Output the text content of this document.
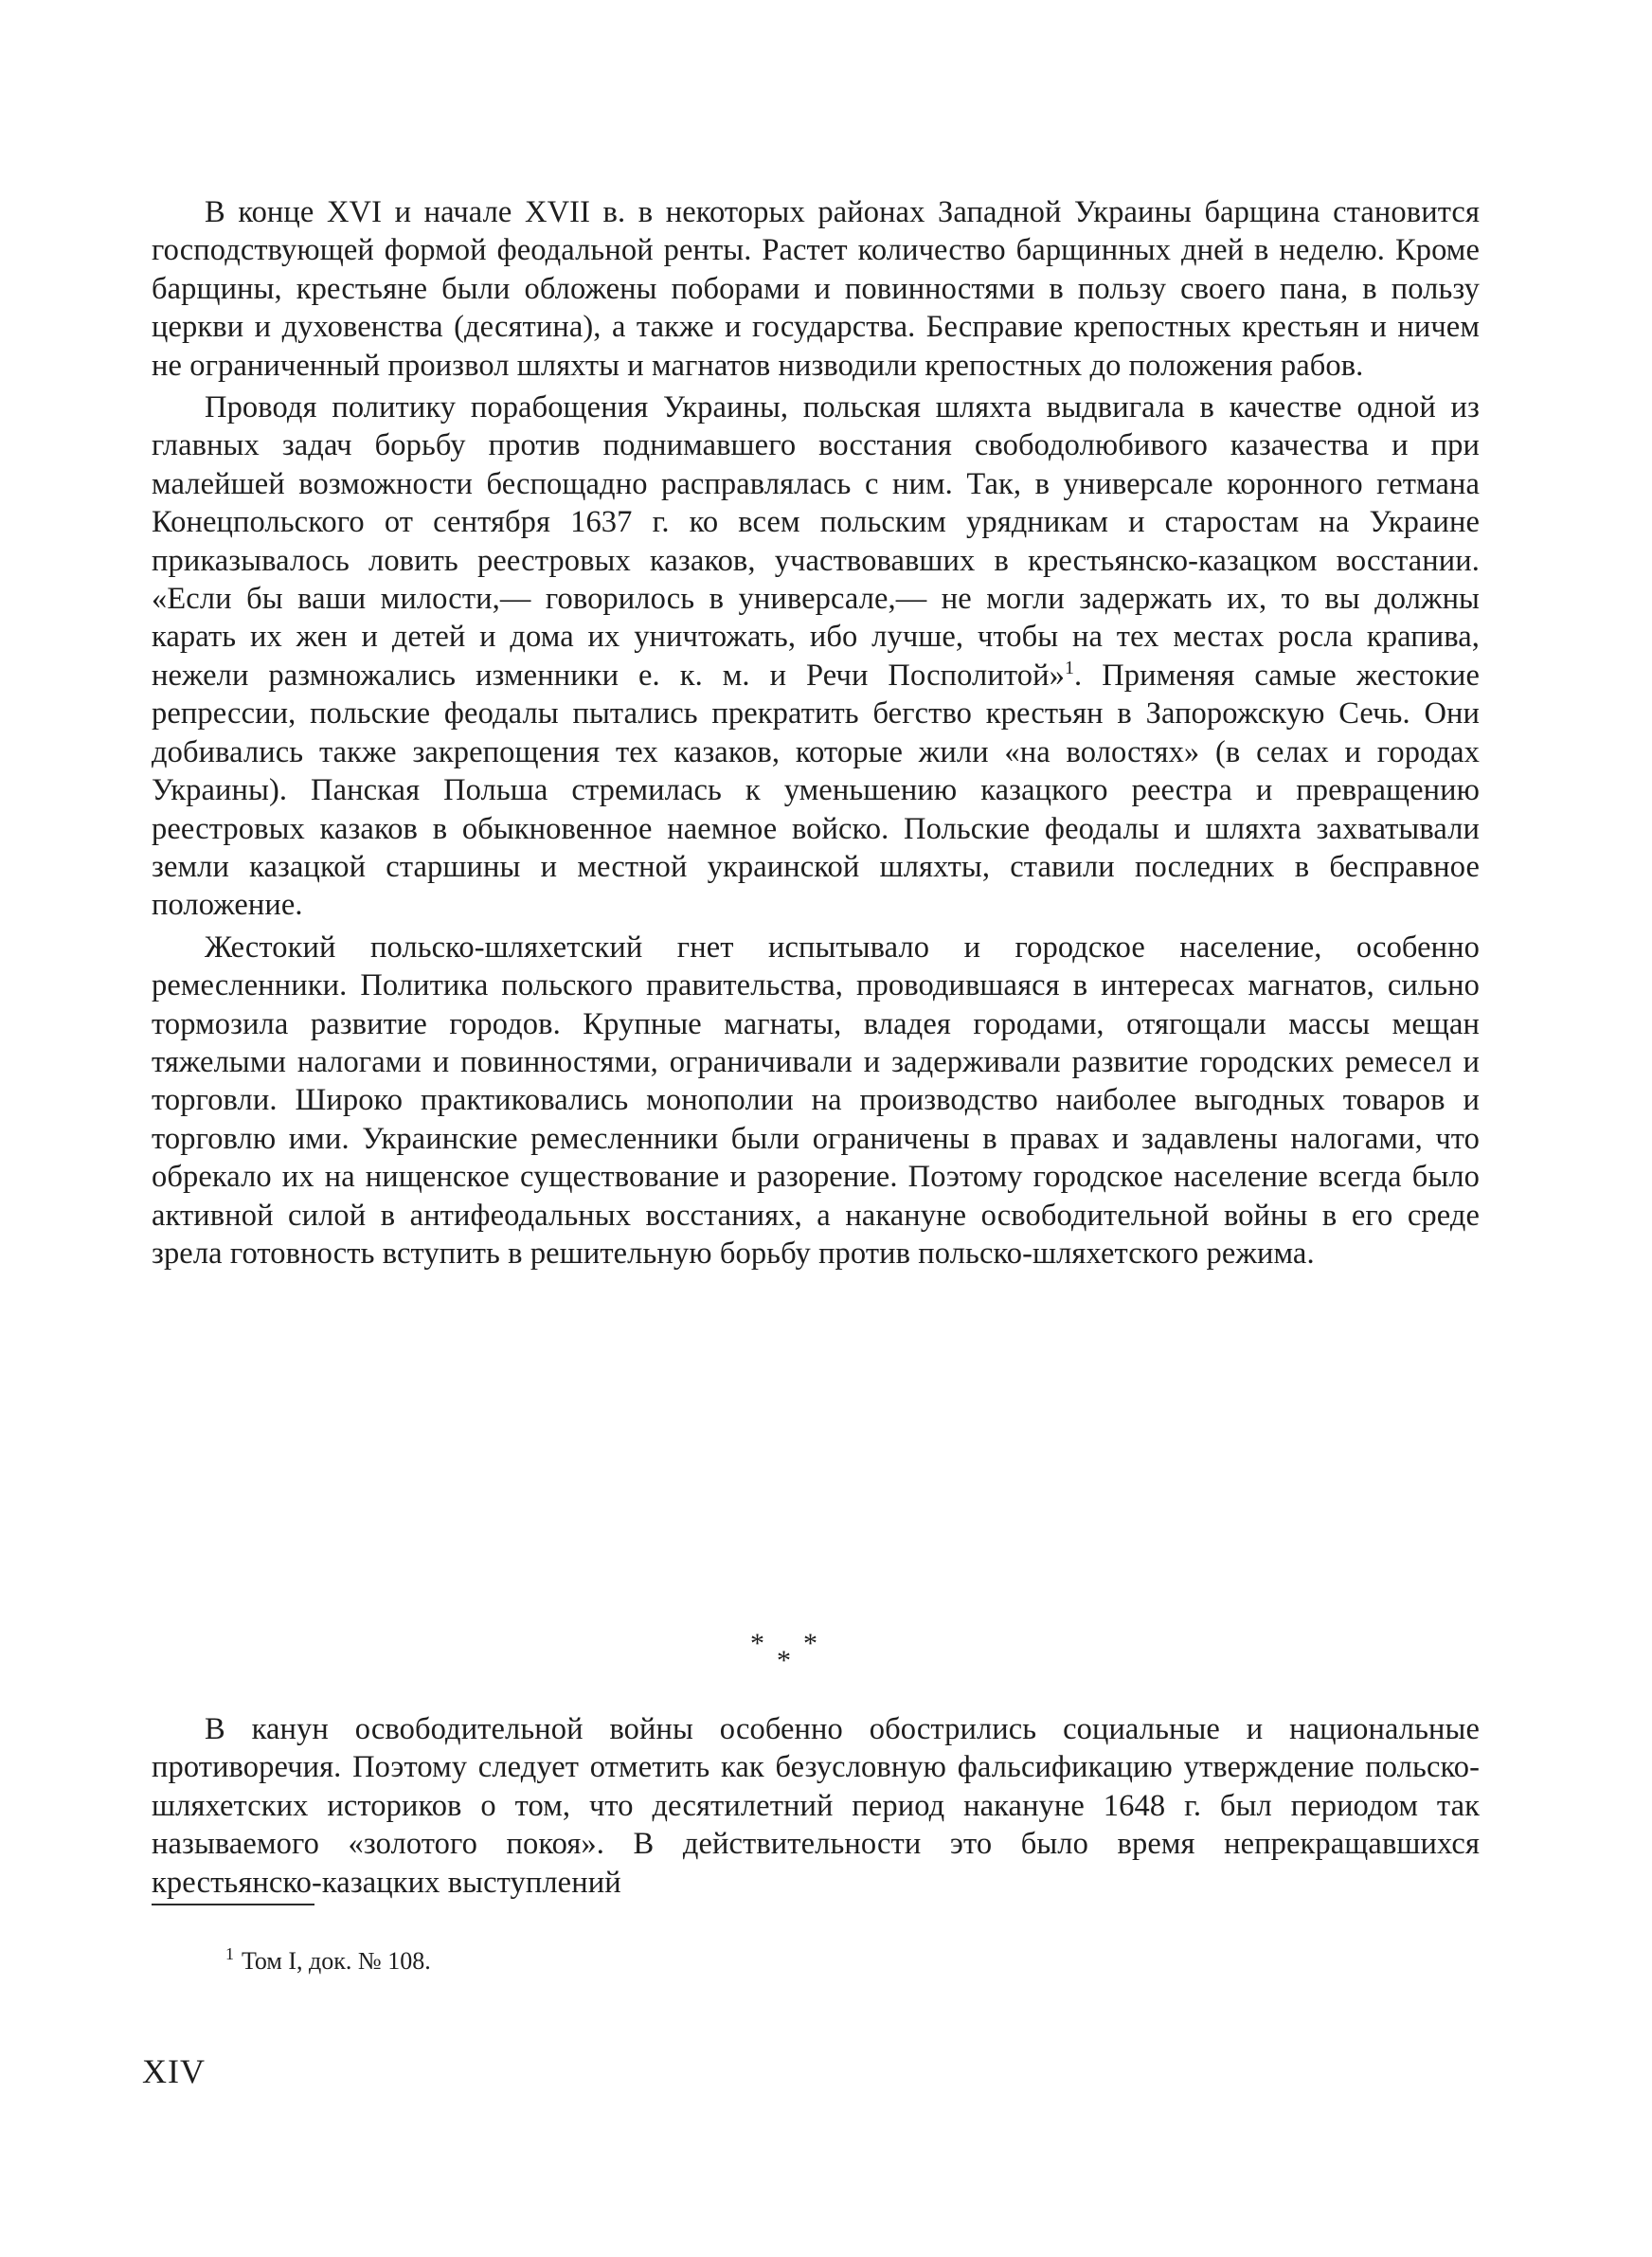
В конце XVI и начале XVII в. в некоторых районах Западной Украины барщина становится господствующей формой феодальной ренты. Растет количество барщинных дней в неделю. Кроме барщины, крестьяне были обложены поборами и повинностями в пользу своего пана, в пользу церкви и духовенства (десятина), а также и государства. Бесправие крепостных крестьян и ничем не ограниченный произвол шляхты и магнатов низводили крепостных до положения рабов.

Проводя политику порабощения Украины, польская шляхта выдвигала в качестве одной из главных задач борьбу против поднимавшего восстания свободолюбивого казачества и при малейшей возможности беспощадно расправлялась с ним. Так, в универсале коронного гетмана Конецпольского от сентября 1637 г. ко всем польским урядникам и старостам на Украине приказывалось ловить реестровых казаков, участвовавших в крестьянско-казацком восстании. «Если бы ваши милости,— говорилось в универсале,— не могли задержать их, то вы должны карать их жен и детей и дома их уничтожать, ибо лучше, чтобы на тех местах росла крапива, нежели размножались изменники е. к. м. и Речи Посполитой»$^1$. Применяя самые жестокие репрессии, польские феодалы пытались прекратить бегство крестьян в Запорожскую Сечь. Они добивались также закрепощения тех казаков, которые жили «на волостях» (в селах и городах Украины). Панская Польша стремилась к уменьшению казацкого реестра и превращению реестровых казаков в обыкновенное наемное войско. Польские феодалы и шляхта захватывали земли казацкой старшины и местной украинской шляхты, ставили последних в бесправное положение.

Жестокий польско-шляхетский гнет испытывало и городское население, особенно ремесленники. Политика польского правительства, проводившаяся в интересах магнатов, сильно тормозила развитие городов. Крупные магнаты, владея городами, отягощали массы мещан тяжелыми налогами и повинностями, ограничивали и задерживали развитие городских ремесел и торговли. Широко практиковались монополии на производство наиболее выгодных товаров и торговлю ими. Украинские ремесленники были ограничены в правах и задавлены налогами, что обрекало их на нищенское существование и разорение. Поэтому городское население всегда было активной силой в антифеодальных восстаниях, а накануне освободительной войны в его среде зрела готовность вступить в решительную борьбу против польско-шляхетского режима.

* *
*

В канун освободительной войны особенно обострились социальные и национальные противоречия. Поэтому следует отметить как безусловную фальсификацию утверждение польско-шляхетских историков о том, что десятилетний период накануне 1648 г. был периодом так называемого «золотого покоя». В действительности это было время непрекращавшихся крестьянско-казацких выступлений

$^1$ Том I, док. № 108.
XIV
